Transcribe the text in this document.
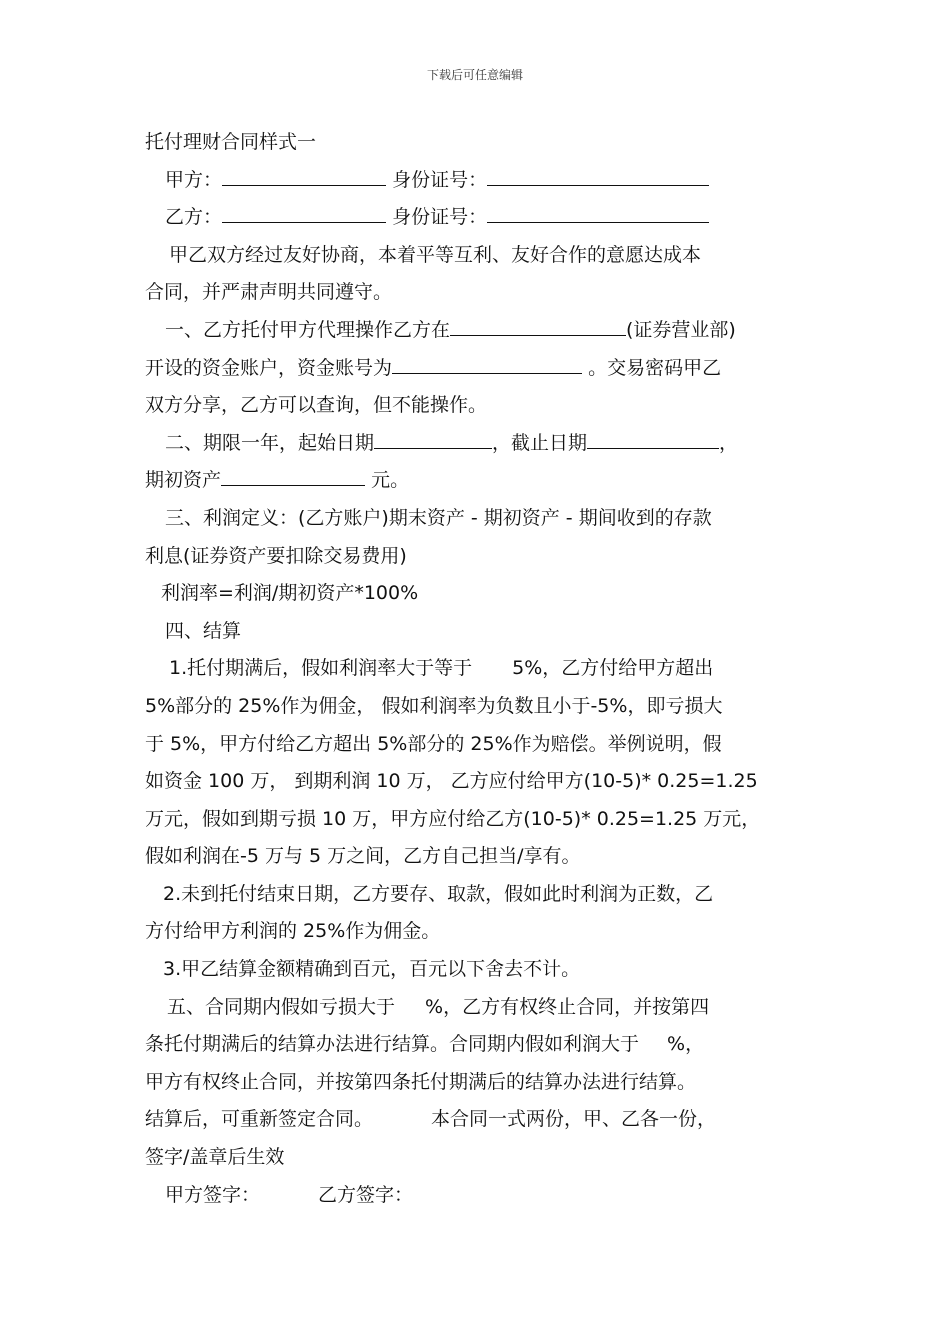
下载后可任意编辑

托付理财合同样式一

甲方：	身份证号：

乙方：	身份证号：

甲乙双方经过友好协商，本着平等互利、友好合作的意愿达成本

合同，并严肃声明共同遵守。

一、乙方托付甲方代理操作乙方在	(证券营业部)

开设的资金账户，资金账号为	。交易密码甲乙

双方分享，乙方可以查询，但不能操作。

二、期限一年，起始日期	，截止日期	，

期初资产	元。

三、利润定义：(乙方账户)期末资产 - 期初资产 - 期间收到的存款

利息(证券资产要扣除交易费用)

利润率=利润/期初资产*100%

四、结算

1.托付期满后，假如利润率大于等于 5%，乙方付给甲方超出

5%部分的 25%作为佣金， 假如利润率为负数且小于-5%，即亏损大

于 5%，甲方付给乙方超出 5%部分的 25%作为赔偿。举例说明，假

如资金 100 万， 到期利润 10 万， 乙方应付给甲方(10-5)* 0.25=1.25

万元，假如到期亏损 10 万，甲方应付给乙方(10-5)* 0.25=1.25 万元，

假如利润在-5 万与 5 万之间，乙方自己担当/享有。

2.未到托付结束日期，乙方要存、取款，假如此时利润为正数，乙

方付给甲方利润的 25%作为佣金。

3.甲乙结算金额精确到百元，百元以下舍去不计。

五、合同期内假如亏损大于 %，乙方有权终止合同，并按第四

条托付期满后的结算办法进行结算。合同期内假如利润大于 %，

甲方有权终止合同，并按第四条托付期满后的结算办法进行结算。

结算后，可重新签定合同。	本合同一式两份，甲、乙各一份，

签字/盖章后生效

甲方签字：	乙方签字：
